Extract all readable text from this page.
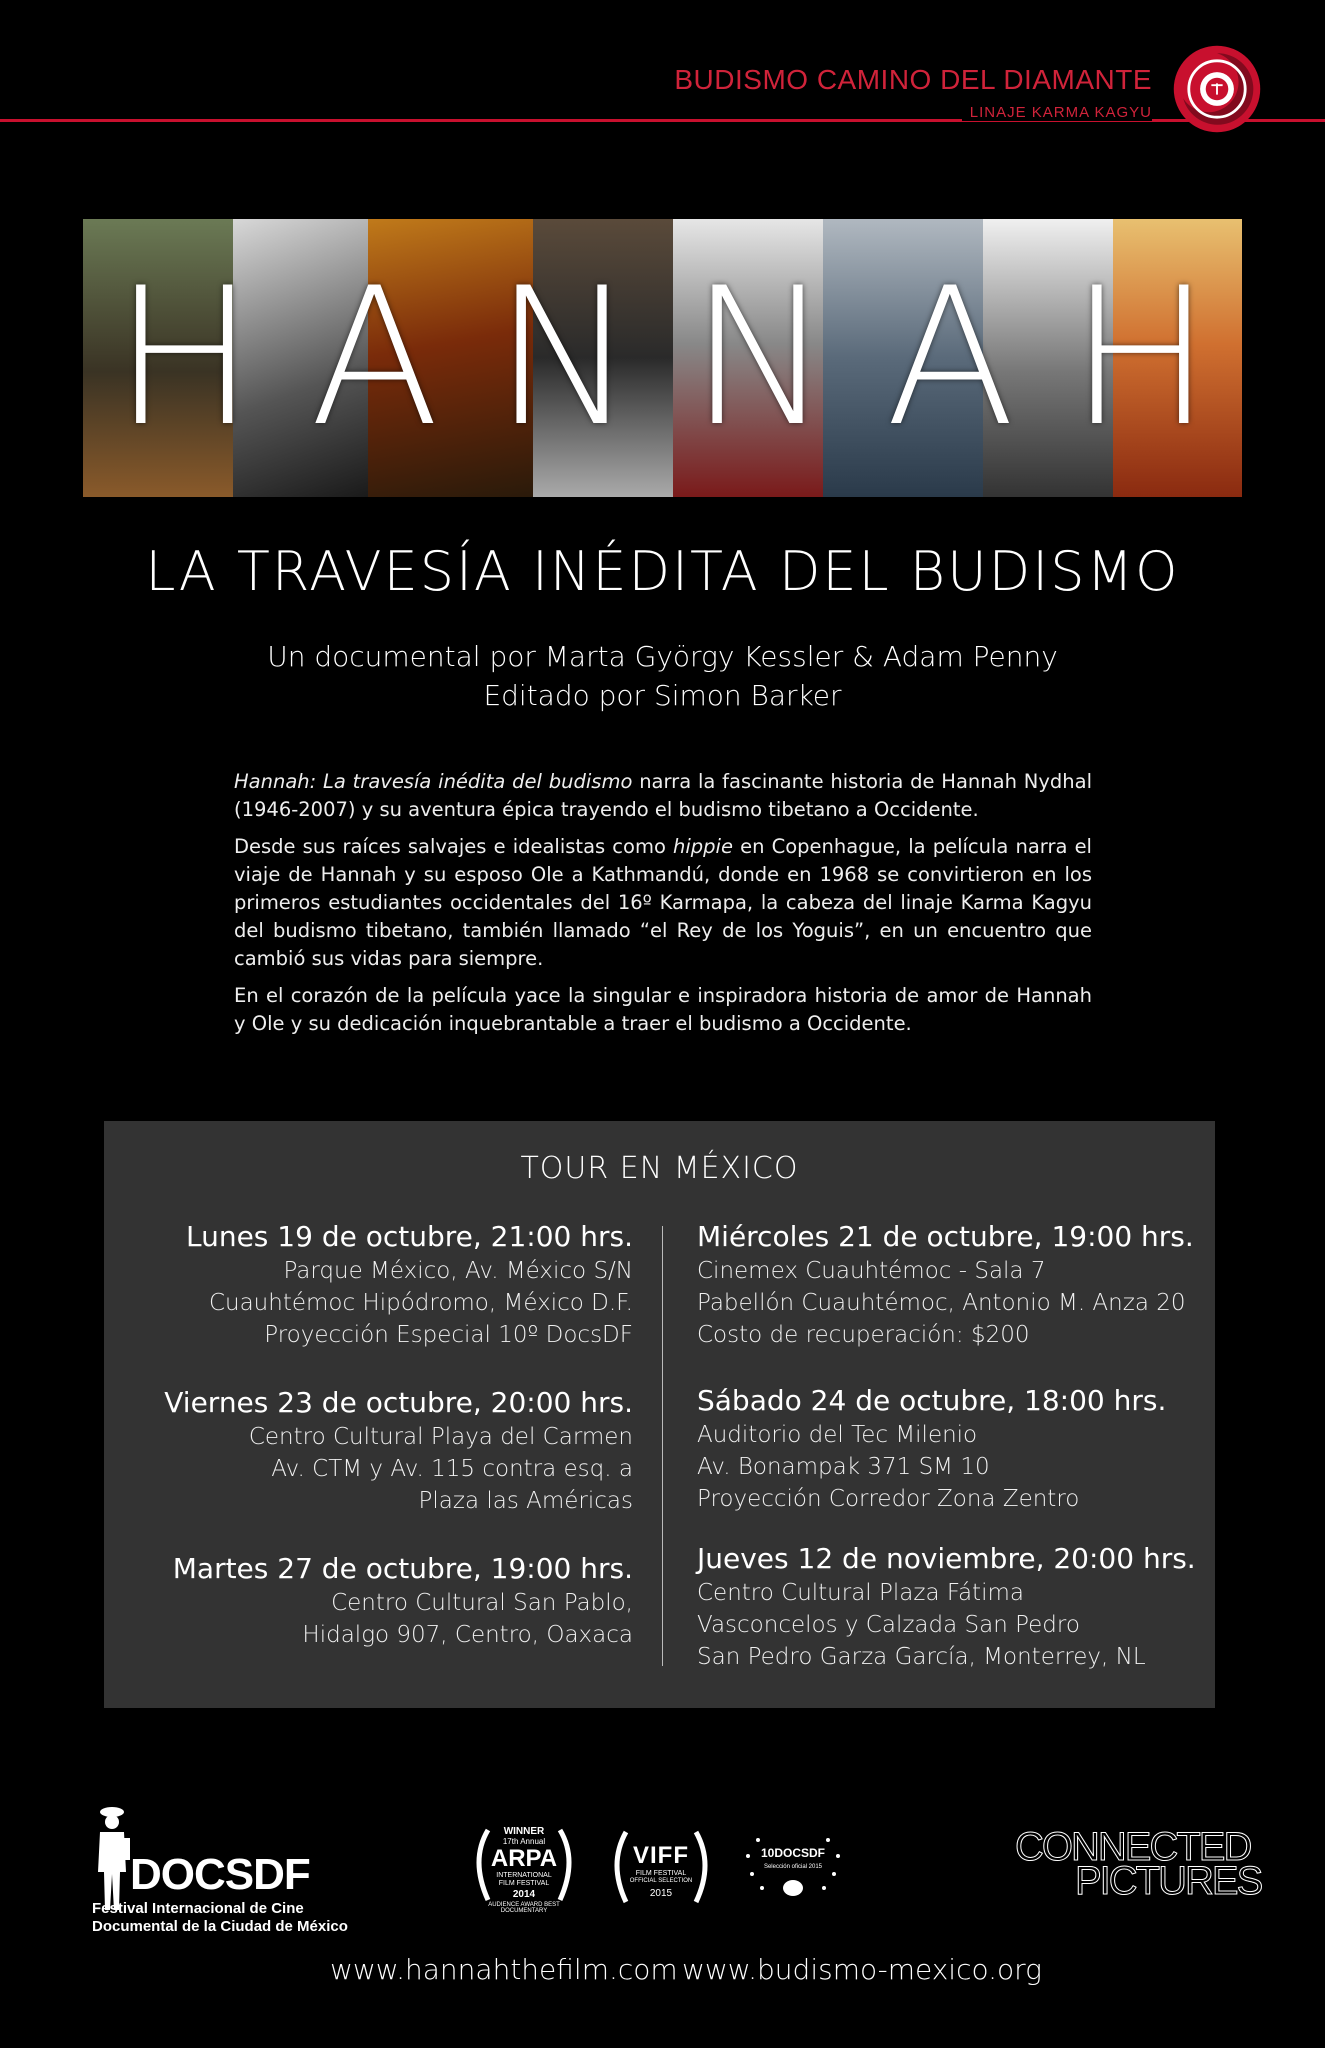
BUDISMO CAMINO DEL DIAMANTE
LINAJE KARMA KAGYU
H A N N A H
LA TRAVESÍA INÉDITA DEL BUDISMO
Un documental por Marta György Kessler & Adam Penny
Editado por Simon Barker

Hannah: La travesía inédita del budismo narra la fascinante historia de Hannah Nydhal (1946-2007) y su aventura épica trayendo el budismo tibetano a Occidente.

Desde sus raíces salvajes e idealistas como hippie en Copenhague, la película narra el viaje de Hannah y su esposo Ole a Kathmandú, donde en 1968 se convirtieron en los primeros estudiantes occidentales del 16º Karmapa, la cabeza del linaje Karma Kagyu del budismo tibetano, también llamado “el Rey de los Yoguis”, en un encuentro que cambió sus vidas para siempre.

En el corazón de la película yace la singular e inspiradora historia de amor de Hannah y Ole y su dedicación inquebrantable a traer el budismo a Occidente.

TOUR EN MÉXICO
Lunes 19 de octubre, 21:00 hrs.
Parque México, Av. México S/N
Cuauhtémoc Hipódromo, México D.F.
Proyección Especial 10º DocsDF
Viernes 23 de octubre, 20:00 hrs.
Centro Cultural Playa del Carmen
Av. CTM y Av. 115 contra esq. a
Plaza las Américas
Martes 27 de octubre, 19:00 hrs.
Centro Cultural San Pablo,
Hidalgo 907, Centro, Oaxaca
Miércoles 21 de octubre, 19:00 hrs.
Cinemex Cuauhtémoc - Sala 7
Pabellón Cuauhtémoc, Antonio M. Anza 20
Costo de recuperación: $200
Sábado 24 de octubre, 18:00 hrs.
Auditorio del Tec Milenio
Av. Bonampak 371 SM 10
Proyección Corredor Zona Zentro
Jueves 12 de noviembre, 20:00 hrs.
Centro Cultural Plaza Fátima
Vasconcelos y Calzada San Pedro
San Pedro Garza García, Monterrey, NL
DOCSDF
Festival Internacional de Cine
Documental de la Ciudad de México
WINNER
17th Annual
ARPA
INTERNATIONAL
FILM FESTIVAL
2014
AUDIENCE AWARD BEST DOCUMENTARY
VIFF
FILM FESTIVAL
OFFICIAL SELECTION
2015
10DOCSDF
Selección oficial 2015	CONNECTED
PICTURES
www.hannahthefilm.com www.budismo-mexico.org
